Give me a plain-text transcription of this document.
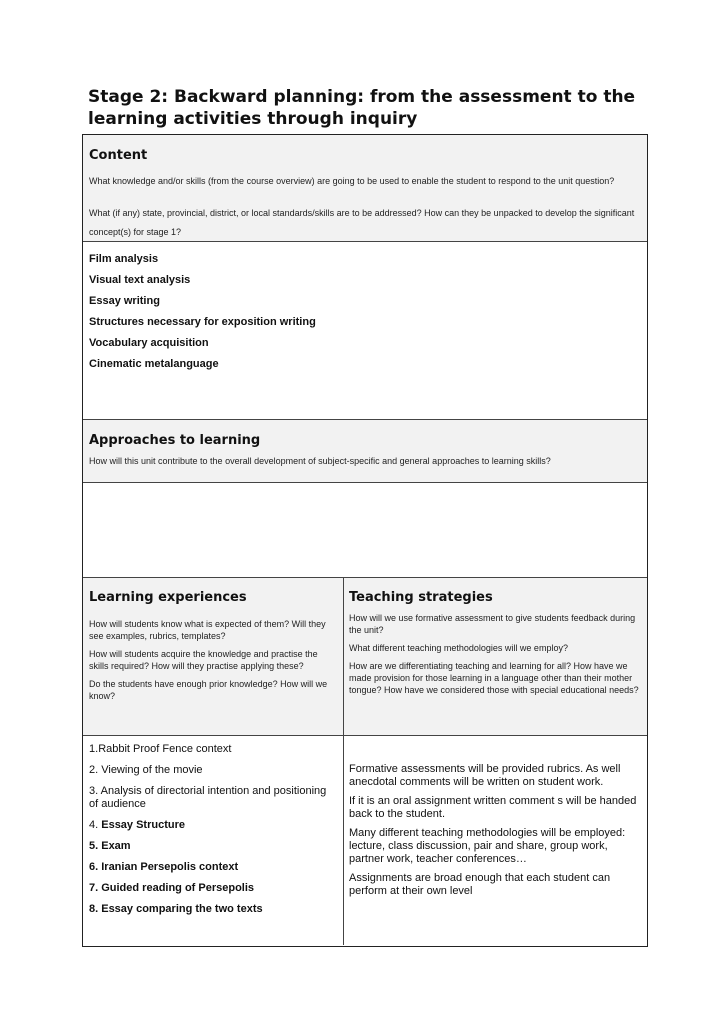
Stage 2: Backward planning: from the assessment to the learning activities through inquiry
Content
What knowledge and/or skills (from the course overview) are going to be used to enable the student to respond to the unit question?
What (if any) state, provincial, district, or local standards/skills are to be addressed? How can they be unpacked to develop the significant concept(s) for stage 1?

Film analysis

Visual text analysis

Essay writing

Structures necessary for exposition writing

Vocabulary acquisition

Cinematic metalanguage

Approaches to learning
How will this unit contribute to the overall development of subject-specific and general approaches to learning skills?
Learning experiences

How will students know what is expected of them? Will they see examples, rubrics, templates?

How will students acquire the knowledge and practise the skills required? How will they practise applying these?

Do the students have enough prior knowledge? How will we know?

Teaching strategies

How will we use formative assessment to give students feedback during the unit?

What different teaching methodologies will we employ?

How are we differentiating teaching and learning for all? How have we made provision for those learning in a language other than their mother tongue? How have we considered those with special educational needs?

1.Rabbit Proof Fence context

2. Viewing of the movie

3. Analysis of directorial intention and positioning of audience

4. Essay Structure

5. Exam

6. Iranian Persepolis context

7. Guided reading of Persepolis

8. Essay comparing the two texts

Formative assessments will be provided rubrics. As well anecdotal comments will be written on student work.

If it is an oral assignment written comment s will be handed back to the student.

Many different teaching methodologies will be employed: lecture, class discussion, pair and share, group work, partner work, teacher conferences…

Assignments are broad enough that each student can perform at their own level
